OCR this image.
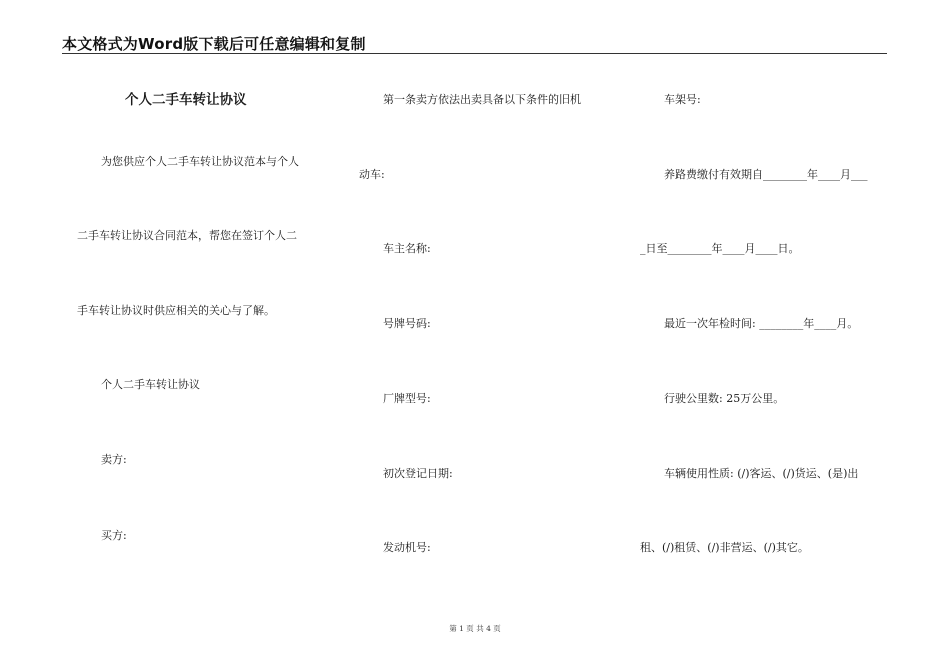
本文格式为Word版下载后可任意编辑和复制
个人二手车转让协议
为您供应个人二手车转让协议范本与个人
二手车转让协议合同范本，帮您在签订个人二
手车转让协议时供应相关的关心与了解。
个人二手车转让协议
卖方:
买方:
第一条卖方依法出卖具备以下条件的旧机
动车:
车主名称:
号牌号码:
厂牌型号:
初次登记日期:
发动机号:
车架号:
养路费缴付有效期自________年____月___
_日至________年____月____日。
最近一次年检时间: ________年____月。
行驶公里数: 25万公里。
车辆使用性质: (/)客运、(/)货运、(是)出
租、(/)租赁、(/)非营运、(/)其它。
第 1 页 共 4 页
